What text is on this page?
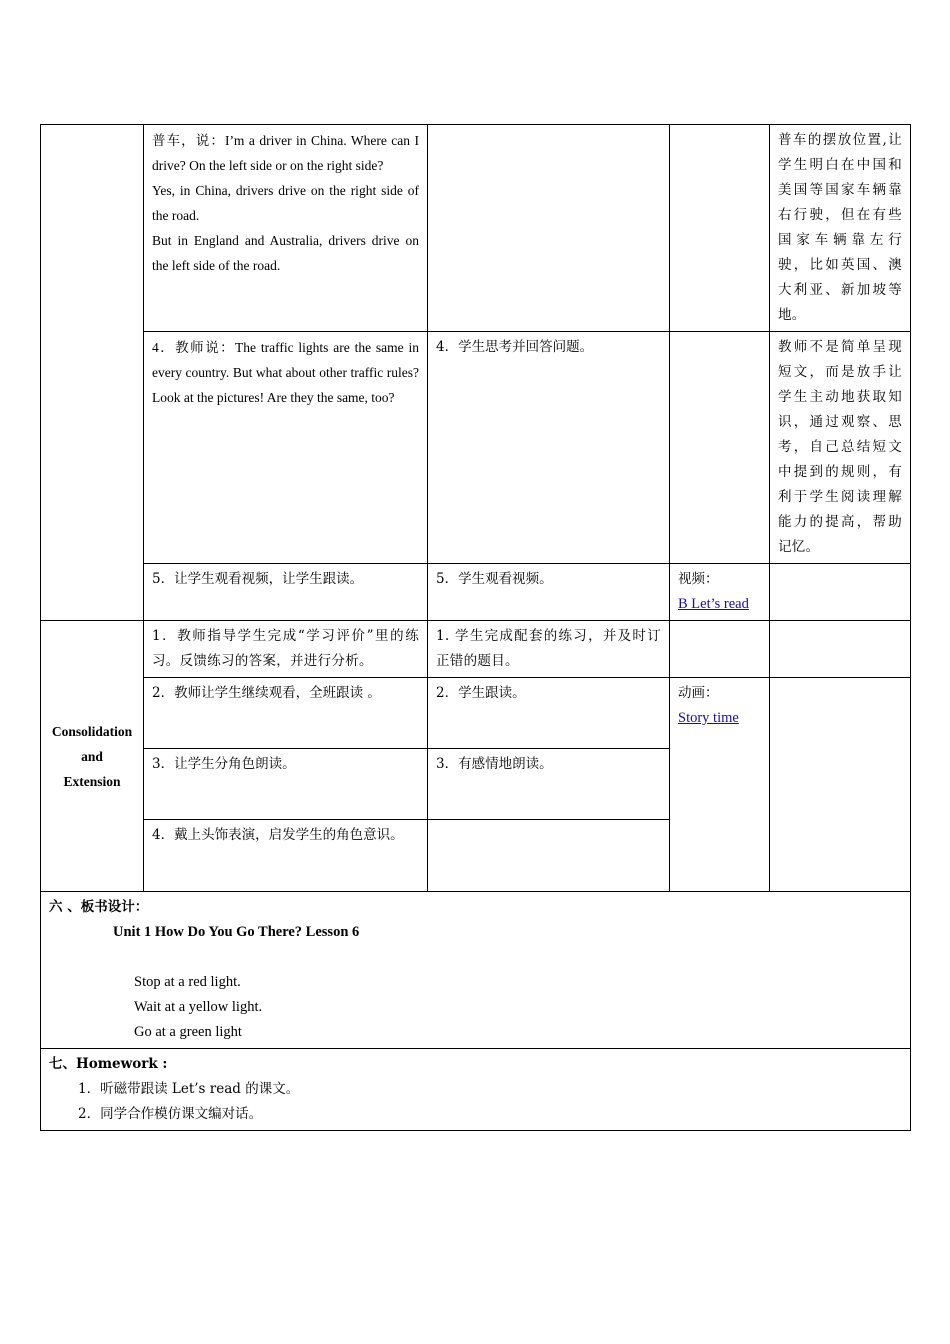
	普车，说：I’m a driver in China. Where can I drive? On the left side or on the right side?
Yes, in China, drivers drive on the right side of the road.
But in England and Australia, drivers drive on the left side of the road.			普车的摆放位置,让学生明白在中国和美国等国家车辆靠右行驶，但在有些国家车辆靠左行驶，比如英国、澳大利亚、新加坡等地。
	4．教师说：The traffic lights are the same in every country. But what about other traffic rules? Look at the pictures! Are they the same, too?	4．学生思考并回答问题。		教师不是简单呈现短文，而是放手让学生主动地获取知识，通过观察、思考，自己总结短文中提到的规则，有利于学生阅读理解能力的提高，帮助记忆。
	5．让学生观看视频，让学生跟读。	5．学生观看视频。	视频：
B Let’s read	

Consolidation
and
Extension	1．教师指导学生完成“学习评价”里的练习。反馈练习的答案，并进行分析。	1. 学生完成配套的练习，并及时订正错的题目。		
	2．教师让学生继续观看，全班跟读 。	2．学生跟读。	动画：
Story time	
	3．让学生分角色朗读。	3．有感情地朗读。		
	4．戴上头饰表演，启发学生的角色意识。			

六 、板书设计：
Unit 1 How Do You Go There? Lesson 6

Stop at a red light.
Wait at a yellow light.
Go at a green light				

七、Homework :
1．听磁带跟读 Let’s read 的课文。
2．同学合作模仿课文编对话。				
